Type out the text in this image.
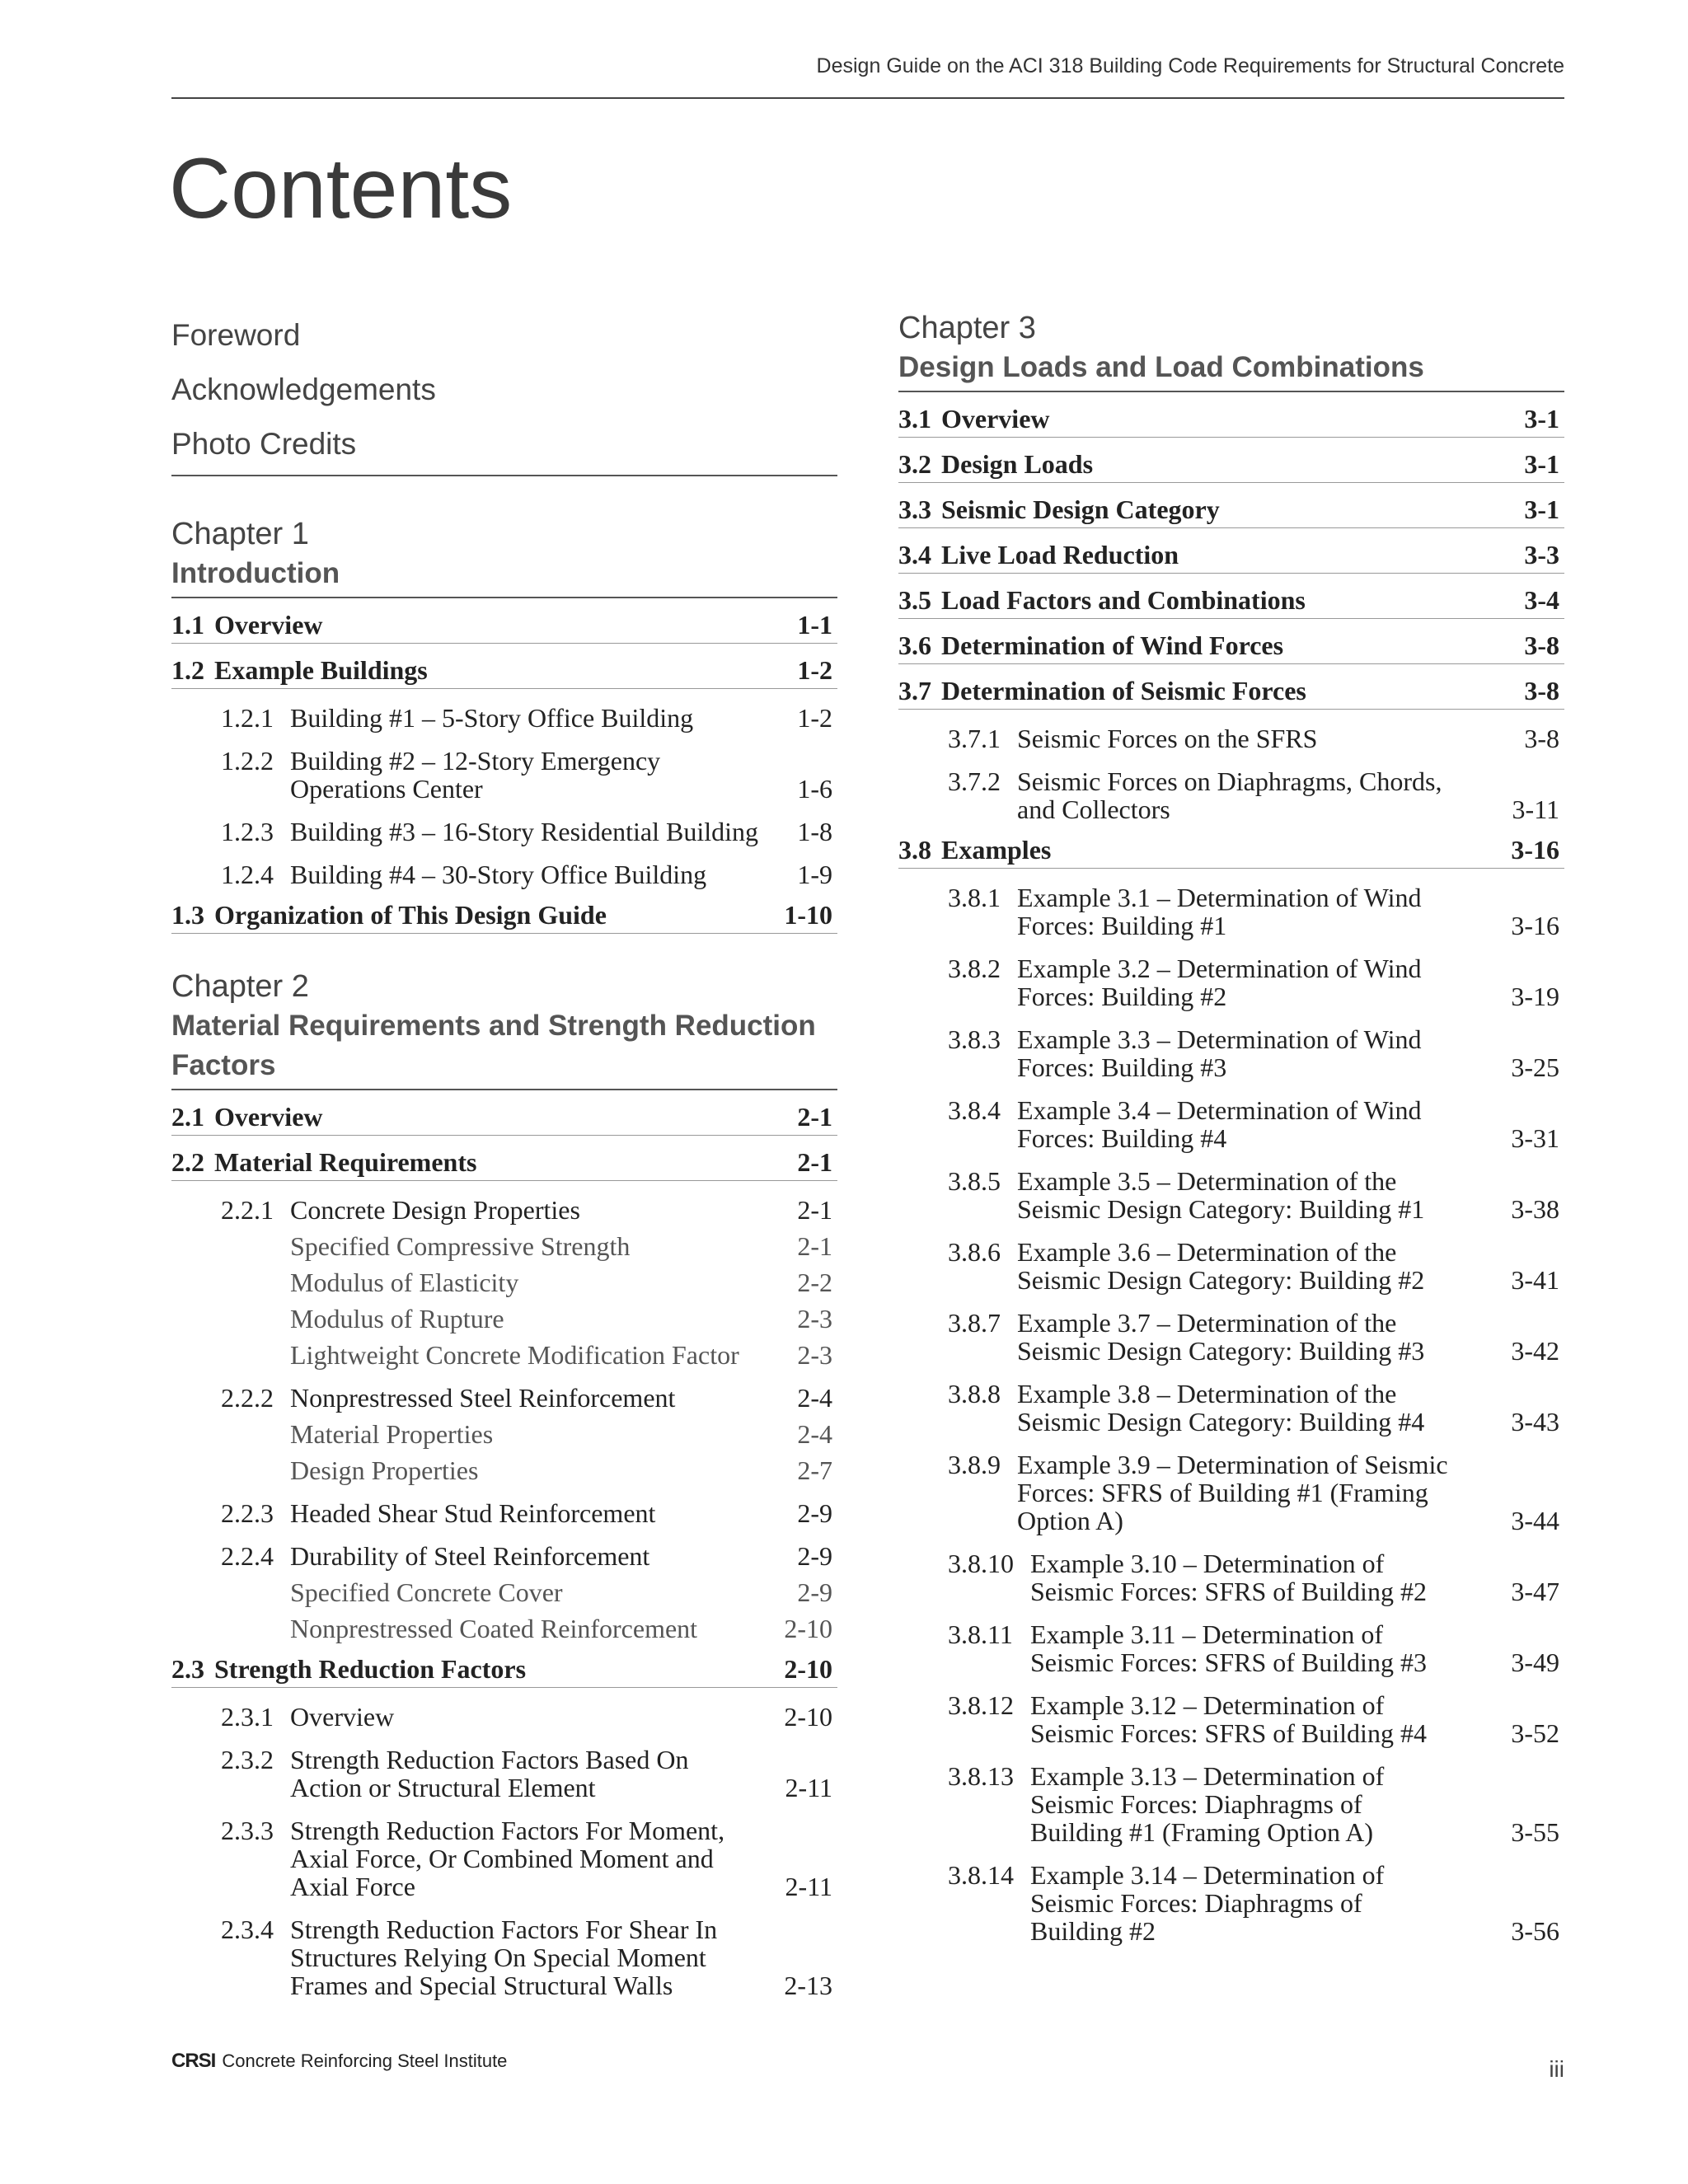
Design Guide on the ACI 318 Building Code Requirements for Structural Concrete
Contents
Foreword
Acknowledgements
Photo Credits
Chapter 1
Introduction
1.1 Overview	1-1
1.2 Example Buildings	1-2
1.2.1 Building #1 – 5-Story Office Building	1-2
1.2.2 Building #2 – 12-Story Emergency
Operations Center	1-6
1.2.3 Building #3 – 16-Story Residential Building	1-8
1.2.4 Building #4 – 30-Story Office Building	1-9
1.3 Organization of This Design Guide	1-10
Chapter 2
Material Requirements and Strength Reduction Factors
2.1 Overview	2-1
2.2 Material Requirements	2-1
2.2.1 Concrete Design Properties	2-1
Specified Compressive Strength	2-1
Modulus of Elasticity	2-2
Modulus of Rupture	2-3
Lightweight Concrete Modification Factor 2-3
2.2.2 Nonprestressed Steel Reinforcement	2-4
Material Properties	2-4
Design Properties	2-7
2.2.3 Headed Shear Stud Reinforcement	2-9
2.2.4 Durability of Steel Reinforcement	2-9
Specified Concrete Cover	2-9
Nonprestressed Coated Reinforcement	2-10
2.3 Strength Reduction Factors	2-10
2.3.1 Overview	2-10
2.3.2 Strength Reduction Factors Based On
Action or Structural Element	2-11
2.3.3 Strength Reduction Factors For Moment,
Axial Force, Or Combined Moment and
Axial Force	2-11
2.3.4 Strength Reduction Factors For Shear In
Structures Relying On Special Moment
Frames and Special Structural Walls	2-13
Chapter 3
Design Loads and Load Combinations
3.1 Overview	3-1
3.2 Design Loads	3-1
3.3 Seismic Design Category	3-1
3.4 Live Load Reduction	3-3
3.5 Load Factors and Combinations	3-4
3.6 Determination of Wind Forces	3-8
3.7 Determination of Seismic Forces	3-8
3.7.1 Seismic Forces on the SFRS	3-8
3.7.2 Seismic Forces on Diaphragms, Chords,
and Collectors	3-11
3.8 Examples	3-16
3.8.1 Example 3.1 – Determination of Wind
Forces: Building #1	3-16
3.8.2 Example 3.2 – Determination of Wind
Forces: Building #2	3-19
3.8.3 Example 3.3 – Determination of Wind
Forces: Building #3	3-25
3.8.4 Example 3.4 – Determination of Wind
Forces: Building #4	3-31
3.8.5 Example 3.5 – Determination of the
Seismic Design Category: Building #1	3-38
3.8.6 Example 3.6 – Determination of the
Seismic Design Category: Building #2	3-41
3.8.7 Example 3.7 – Determination of the
Seismic Design Category: Building #3	3-42
3.8.8 Example 3.8 – Determination of the
Seismic Design Category: Building #4	3-43
3.8.9 Example 3.9 – Determination of Seismic
Forces: SFRS of Building #1 (Framing
Option A)	3-44
3.8.10 Example 3.10 – Determination of
Seismic Forces: SFRS of Building #2	3-47
3.8.11 Example 3.11 – Determination of
Seismic Forces: SFRS of Building #3	3-49
3.8.12 Example 3.12 – Determination of
Seismic Forces: SFRS of Building #4	3-52
3.8.13 Example 3.13 – Determination of
Seismic Forces: Diaphragms of
Building #1 (Framing Option A)	3-55
3.8.14 Example 3.14 – Determination of
Seismic Forces: Diaphragms of
Building #2	3-56
CRSI Concrete Reinforcing Steel Institute	iii
